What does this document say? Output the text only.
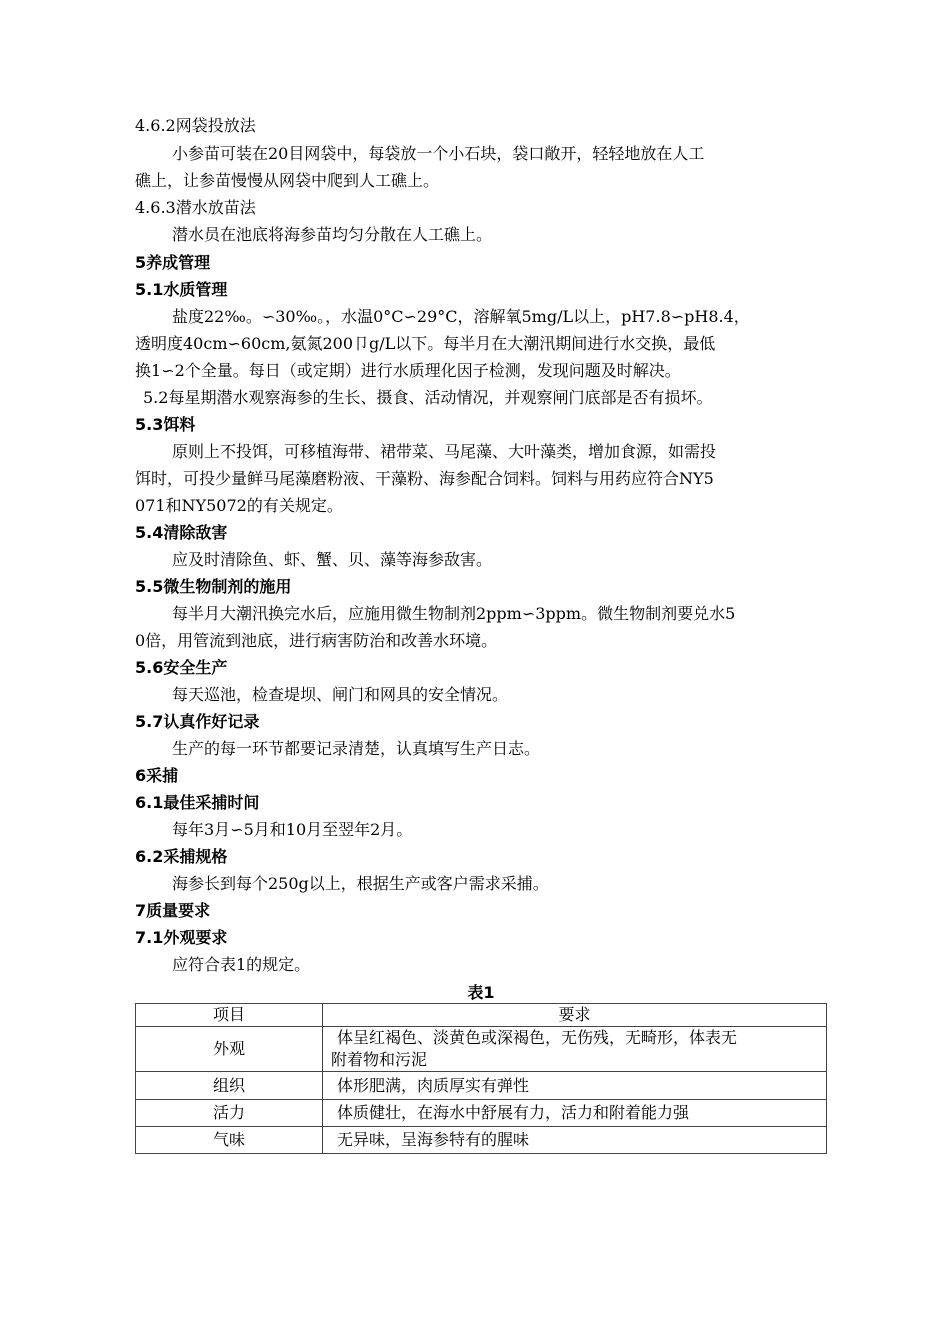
4.6.2网袋投放法
小参苗可装在20目网袋中，每袋放一个小石块，袋口敞开，轻轻地放在人工
礁上，让参苗慢慢从网袋中爬到人工礁上。
4.6.3潜水放苗法
潜水员在池底将海参苗均匀分散在人工礁上。
5养成管理
5.1水质管理
盐度22‰。∽30‰。，水温0°C∽29°C，溶解氧5mg/L以上，pH7.8∽pH8.4，
透明度40cm∽60cm,氨氮200卩g/L以下。每半月在大潮汛期间进行水交换，最低
换1∽2个全量。每日（或定期）进行水质理化因子检测，发现问题及时解决。
5.2每星期潜水观察海参的生长、摄食、活动情况，并观察闸门底部是否有损坏。
5.3饵料
原则上不投饵，可移植海带、裙带菜、马尾藻、大叶藻类，增加食源，如需投
饵时，可投少量鲜马尾藻磨粉液、干藻粉、海参配合饲料。饲料与用药应符合NY5
071和NY5072的有关规定。
5.4清除敌害
应及时清除鱼、虾、蟹、贝、藻等海参敌害。
5.5微生物制剂的施用
每半月大潮汛换完水后，应施用微生物制剂2ppm∽3ppm。微生物制剂要兑水5
0倍，用管流到池底，进行病害防治和改善水环境。
5.6安全生产
每天巡池，检查堤坝、闸门和网具的安全情况。
5.7认真作好记录
生产的每一环节都要记录清楚，认真填写生产日志。
6采捕
6.1最佳采捕时间
每年3月∽5月和10月至翌年2月。
6.2采捕规格
海参长到每个250g以上，根据生产或客户需求采捕。
7质量要求
7.1外观要求
应符合表1的规定。
表1
项目	要求
外观	体呈红褐色、淡黄色或深褐色，无伤残，无畸形，体表无
附着物和污泥

组织	体形肥满，肉质厚实有弹性

活力	体质健壮，在海水中舒展有力，活力和附着能力强

气味	无异味，呈海参特有的腥味
